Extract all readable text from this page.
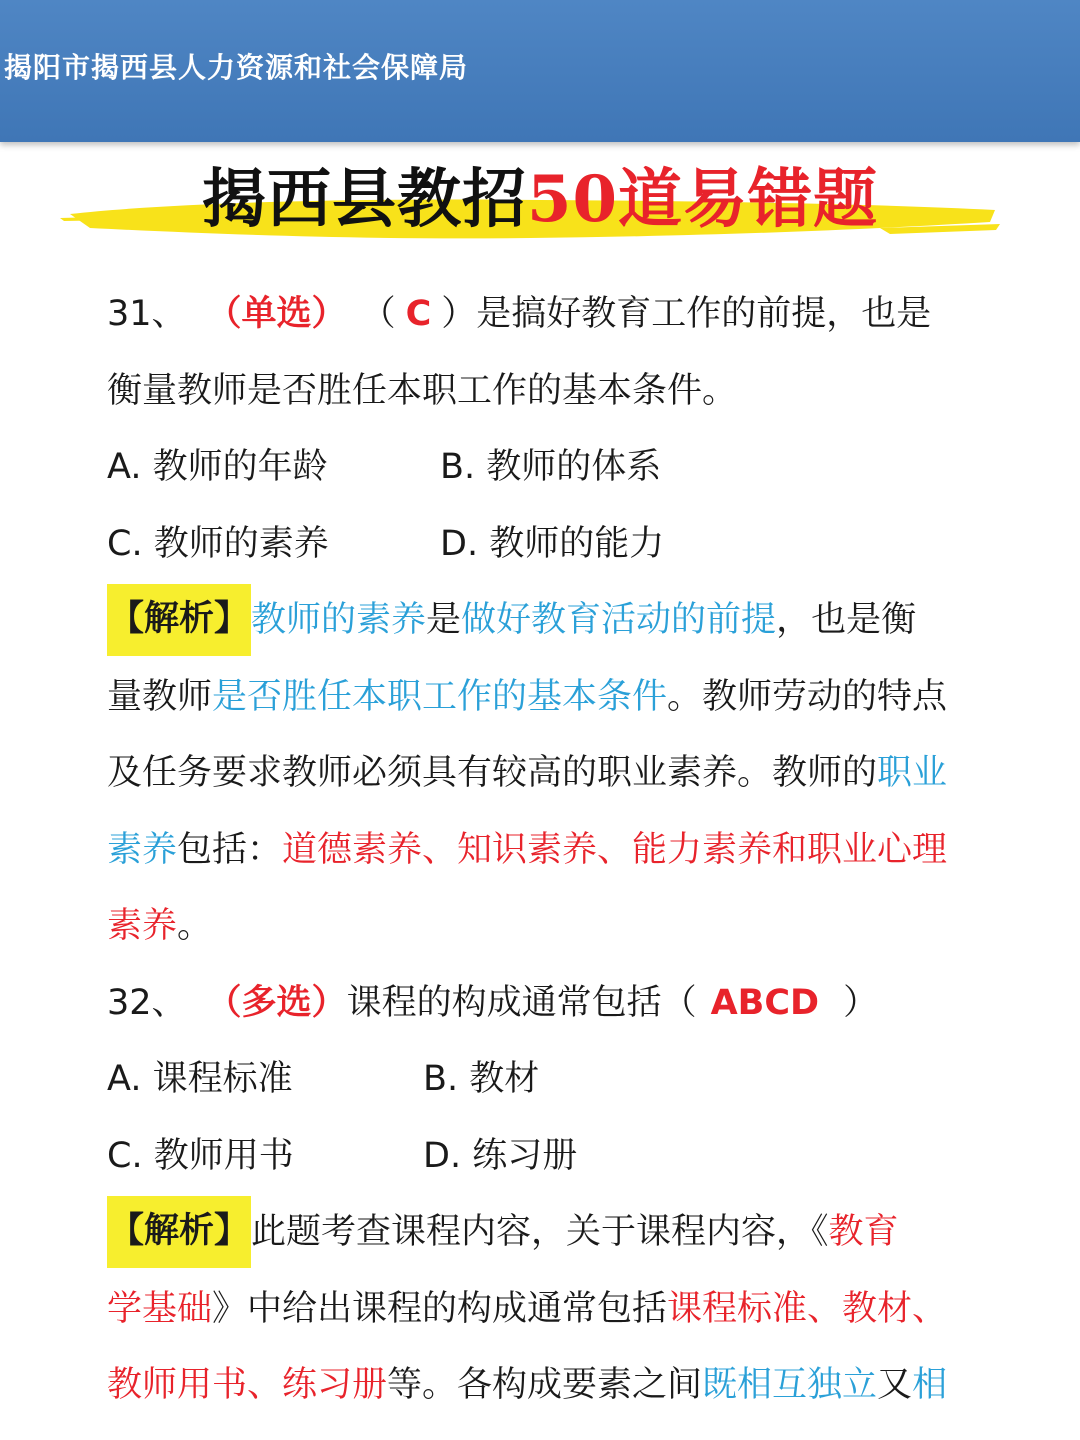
揭阳市揭西县人力资源和社会保障局
揭西县教招50道易错题
31、 （单选） （ C ）是搞好教育工作的前提，也是
衡量教师是否胜任本职工作的基本条件。
A. 教师的年龄	B. 教师的体系
C. 教师的素养	D. 教师的能力
【解析】教师的素养是做好教育活动的前提，也是衡
量教师是否胜任本职工作的基本条件。教师劳动的特点
及任务要求教师必须具有较高的职业素养。教师的职业
素养包括：道德素养、知识素养、能力素养和职业心理
素养。
32、 （多选）课程的构成通常包括（ ABCD ）
A. 课程标准	B. 教材
C. 教师用书	D. 练习册
【解析】此题考查课程内容，关于课程内容，《教育
学基础》中给出课程的构成通常包括课程标准、教材、
教师用书、练习册等。各构成要素之间既相互独立又相
